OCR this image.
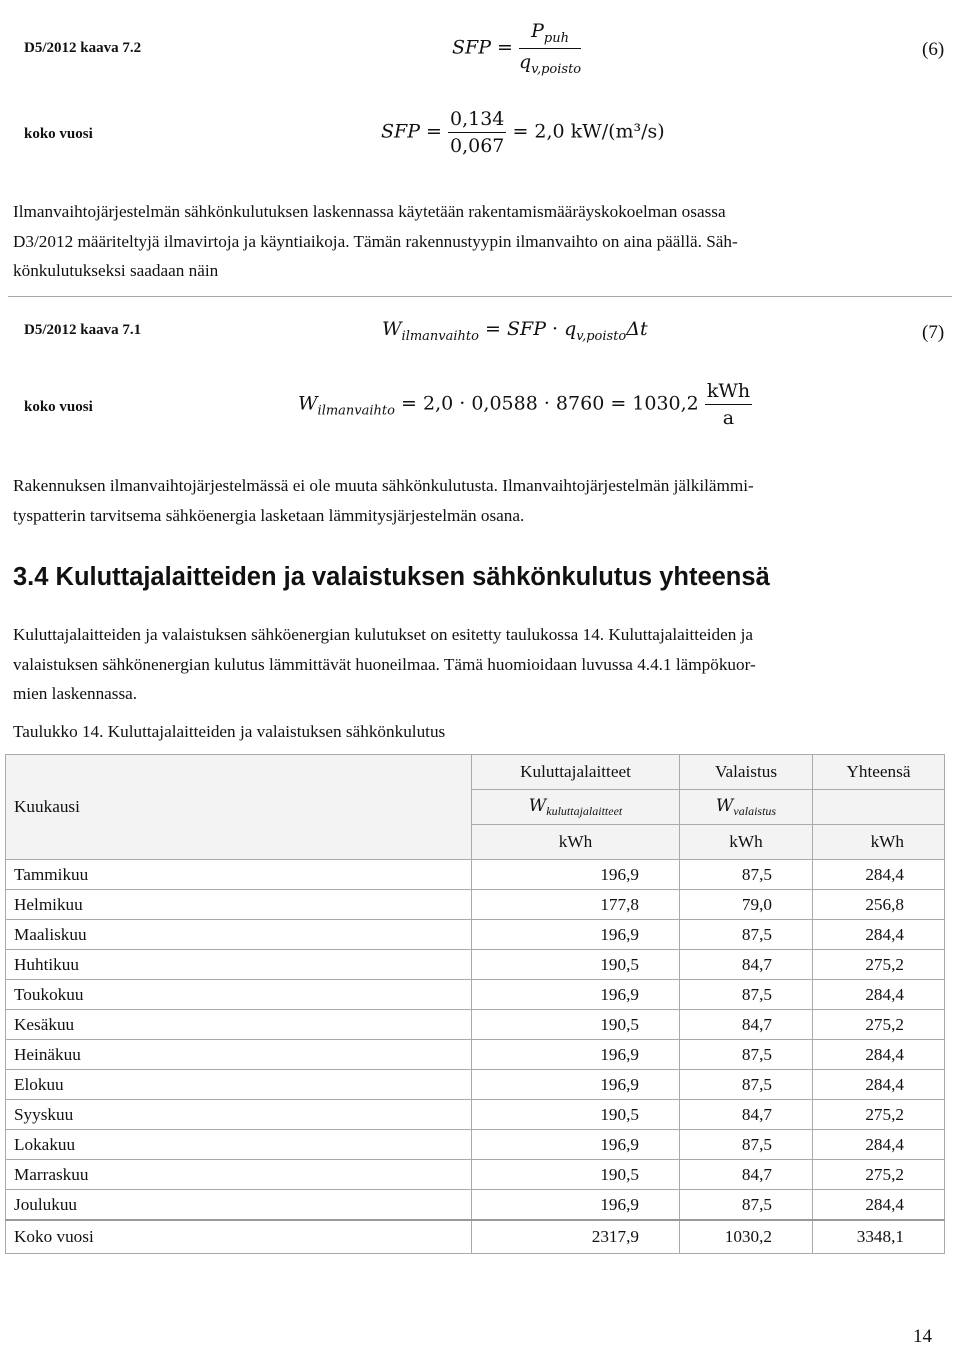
D5/2012 kaava 7.2	SFP = $\frac{P_{puh}}{q_{v,poisto}}$	(6)
koko vuosi	SFP = $\frac{0,134}{0,067} = 2,0$ kW/(m³/s)

Ilmanvaihtojärjestelmän sähkönkulutuksen laskennassa käytetään rakentamismääräyskokoelman osassa

D3/2012 määriteltyjä ilmavirtoja ja käyntiaikoja. Tämän rakennustyypin ilmanvaihto on aina päällä. Säh-

könkulutukseksi saadaan näin

D5/2012 kaava 7.1	$W_{ilmanvaihto}$ = SFP · $q_{v,poisto}\Delta t$	(7)
koko vuosi	$W_{ilmanvaihto} = 2,0 \cdot 0,0588 \cdot 8760 = 1030,2 \frac{\text{kWh}}{a}$

Rakennuksen ilmanvaihtojärjestelmässä ei ole muuta sähkönkulutusta. Ilmanvaihtojärjestelmän jälkilämmi-

tyspatterin tarvitsema sähköenergia lasketaan lämmitysjärjestelmän osana.

3.4 Kuluttajalaitteiden ja valaistuksen sähkönkulutus yhteensä

Kuluttajalaitteiden ja valaistuksen sähköenergian kulutukset on esitetty taulukossa 14. Kuluttajalaitteiden ja

valaistuksen sähkönenergian kulutus lämmittävät huoneilmaa. Tämä huomioidaan luvussa 4.4.1 lämpökuor-

mien laskennassa.

Taulukko 14. Kuluttajalaitteiden ja valaistuksen sähkönkulutus
Kuukausi	Kuluttajalaitteet	Valaistus	Yhteensä
	$W_{kuluttajalaitteet}$	$W_{valaistus}$	
	kWh	kWh	kWh
Tammikuu	196,9	87,5	284,4
Helmikuu	177,8	79,0	256,8
Maaliskuu	196,9	87,5	284,4
Huhtikuu	190,5	84,7	275,2
Toukokuu	196,9	87,5	284,4
Kesäkuu	190,5	84,7	275,2
Heinäkuu	196,9	87,5	284,4
Elokuu	196,9	87,5	284,4
Syyskuu	190,5	84,7	275,2
Lokakuu	196,9	87,5	284,4
Marraskuu	190,5	84,7	275,2
Joulukuu	196,9	87,5	284,4
Koko vuosi	2317,9	1030,2	3348,1
14
